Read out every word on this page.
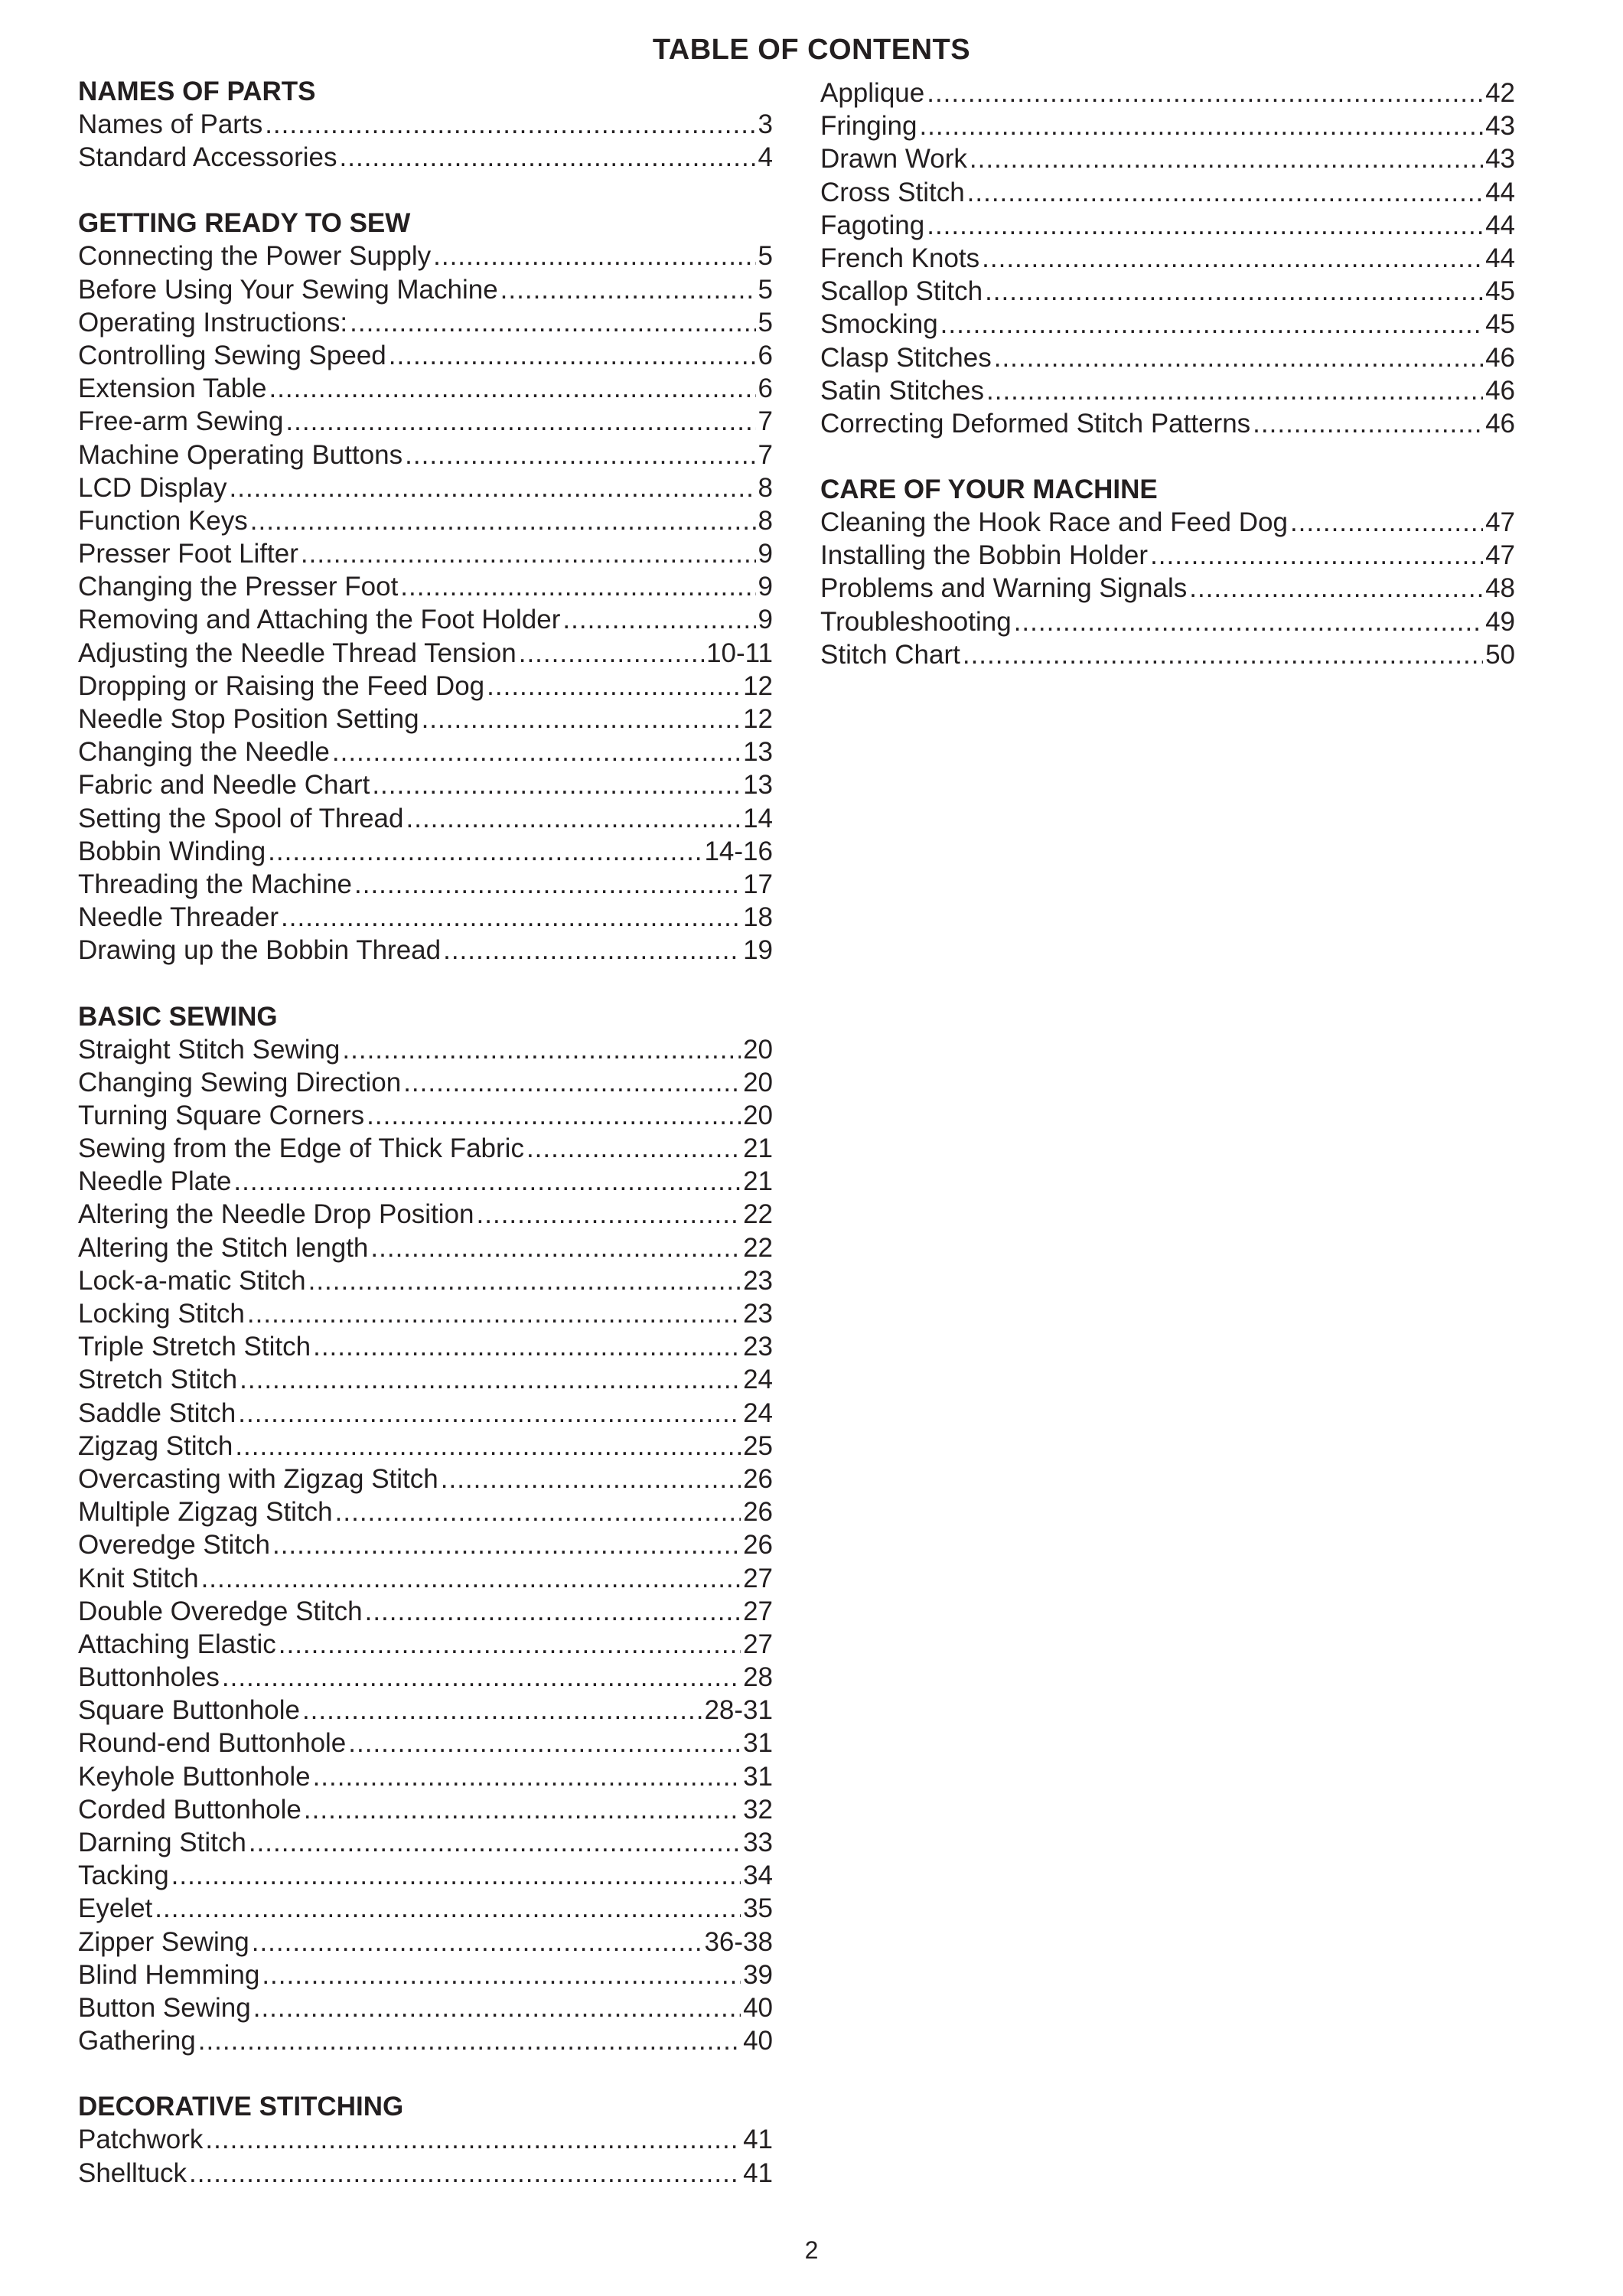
TABLE OF CONTENTS
NAMES OF PARTS
Names of Parts .....	3
Standard Accessories .....	4
GETTING READY TO SEW
Connecting the Power Supply .....	5
Before Using Your Sewing Machine .....	5
Operating Instructions: .....	5
Controlling Sewing Speed .....	6
Extension Table .....	6
Free-arm Sewing .....	7
Machine Operating Buttons .....	7
LCD Display .....	8
Function Keys .....	8
Presser Foot Lifter .....	9
Changing the Presser Foot .....	9
Removing and Attaching the Foot Holder .....	9
Adjusting the Needle Thread Tension .....	10-11
Dropping or Raising the Feed Dog .....	12
Needle Stop Position Setting .....	12
Changing the Needle .....	13
Fabric and Needle Chart .....	13
Setting the Spool of Thread .....	14
Bobbin Winding .....	14-16
Threading the Machine .....	17
Needle Threader .....	18
Drawing up the Bobbin Thread .....	19
BASIC SEWING
Straight Stitch Sewing .....	20
Changing Sewing Direction .....	20
Turning Square Corners .....	20
Sewing from the Edge of Thick Fabric .....	21
Needle Plate .....	21
Altering the Needle Drop Position .....	22
Altering the Stitch length .....	22
Lock-a-matic Stitch .....	23
Locking Stitch .....	23
Triple Stretch Stitch .....	23
Stretch Stitch .....	24
Saddle Stitch .....	24
Zigzag Stitch .....	25
Overcasting with Zigzag Stitch .....	26
Multiple Zigzag Stitch .....	26
Overedge Stitch .....	26
Knit Stitch .....	27
Double Overedge Stitch .....	27
Attaching Elastic .....	27
Buttonholes .....	28
Square Buttonhole .....	28-31
Round-end Buttonhole .....	31
Keyhole Buttonhole .....	31
Corded Buttonhole .....	32
Darning Stitch .....	33
Tacking .....	34
Eyelet .....	35
Zipper Sewing .....	36-38
Blind Hemming .....	39
Button Sewing .....	40
Gathering .....	40
DECORATIVE STITCHING
Patchwork .....	41
Shelltuck .....	41
Applique .....	42
Fringing .....	43
Drawn Work .....	43
Cross Stitch .....	44
Fagoting .....	44
French Knots .....	44
Scallop Stitch .....	45
Smocking .....	45
Clasp Stitches .....	46
Satin Stitches .....	46
Correcting Deformed Stitch Patterns .....	46
CARE OF YOUR MACHINE
Cleaning the Hook Race and Feed Dog .....	47
Installing the Bobbin Holder .....	47
Problems and Warning Signals .....	48
Troubleshooting .....	49
Stitch Chart .....	50
2
